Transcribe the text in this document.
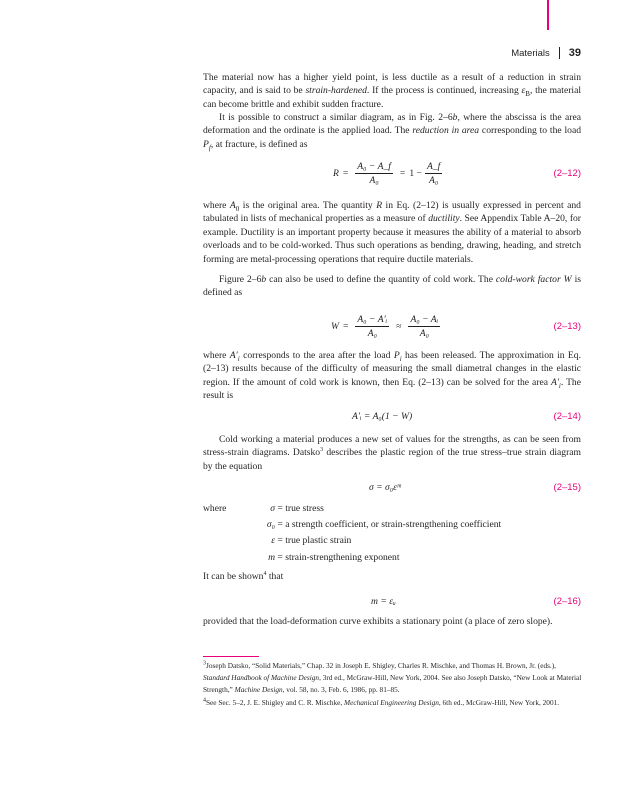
Materials 39

The material now has a higher yield point, is less ductile as a result of a reduction in strain capacity, and is said to be strain-hardened. If the process is continued, increasing $\varepsilon_B$, the material can become brittle and exhibit sudden fracture.

It is possible to construct a similar diagram, as in Fig. 2–6b, where the abscissa is the area deformation and the ordinate is the applied load. The reduction in area corresponding to the load $P_f$, at fracture, is defined as

$R = \frac{\text{A₀ − A\_f}}{\text{A₀}} = 1 - \frac{A\_f}{\text{A₀}}$	(2–12)

where $A_0$ is the original area. The quantity R in Eq. (2–12) is usually expressed in percent and tabulated in lists of mechanical properties as a measure of ductility. See Appendix Table A–20, for example. Ductility is an important property because it measures the ability of a material to absorb overloads and to be cold-worked. Thus such operations as bending, drawing, heading, and stretch forming are metal-processing operations that require ductile materials.

Figure 2–6b can also be used to define the quantity of cold work. The cold-work factor W is defined as

$W = \frac{\text{A₀ − A′ᵢ}}{\text{A₀}} \approx \frac{\text{A₀ − Aᵢ}}{\text{A₀}}$	(2–13)

where $A'_i$ corresponds to the area after the load $P_i$ has been released. The approximation in Eq. (2–13) results because of the difficulty of measuring the small diametral changes in the elastic region. If the amount of cold work is known, then Eq. (2–13) can be solved for the area $A'_i$. The result is

A′ᵢ = A₀(1 − W)	(2–14)

Cold working a material produces a new set of values for the strengths, as can be seen from stress-strain diagrams. Datsko$^3$ describes the plastic region of the true stress–true strain diagram by the equation

σ = σ₀εᵐ	(2–15)
where	σ = true stress
σ₀ = a strength coefficient, or strain-strengthening coefficient
ε = true plastic strain
m = strain-strengthening exponent

It can be shown$^4$ that

m = εᵤ	(2–16)

provided that the load-deformation curve exhibits a stationary point (a place of zero slope).

$^3$Joseph Datsko, “Solid Materials,” Chap. 32 in Joseph E. Shigley, Charles R. Mischke, and Thomas H. Brown, Jr. (eds.), Standard Handbook of Machine Design, 3rd ed., McGraw-Hill, New York, 2004. See also Joseph Datsko, “New Look at Material Strength,” Machine Design, vol. 58, no. 3, Feb. 6, 1986, pp. 81–85.

$^4$See Sec. 5–2, J. E. Shigley and C. R. Mischke, Mechanical Engineering Design, 6th ed., McGraw-Hill, New York, 2001.
